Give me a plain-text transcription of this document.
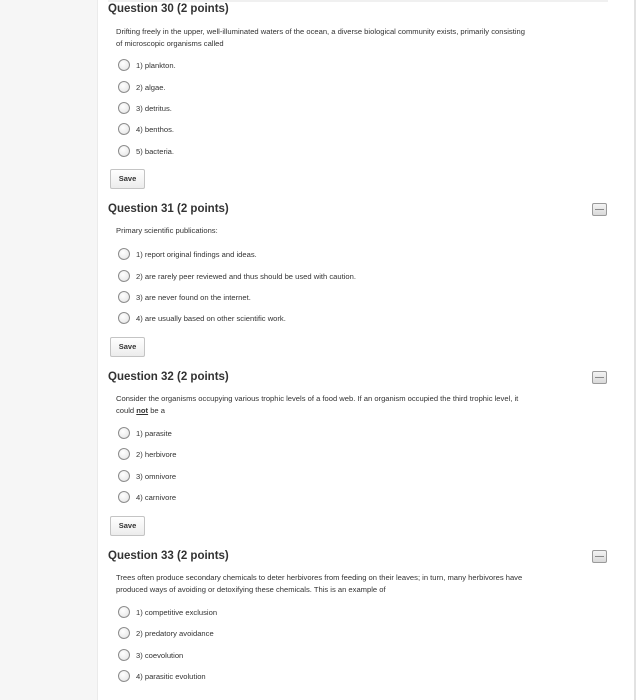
Question 30 (2 points)
Drifting freely in the upper, well-illuminated waters of the ocean, a diverse biological community exists, primarily consisting
of microscopic organisms called
1) plankton.
2) algae.
3) detritus.
4) benthos.
5) bacteria.
Save
Question 31 (2 points)
Primary scientific publications:
1) report original findings and ideas.
2) are rarely peer reviewed and thus should be used with caution.
3) are never found on the internet.
4) are usually based on other scientific work.
Save
Question 32 (2 points)
Consider the organisms occupying various trophic levels of a food web. If an organism occupied the third trophic level, it
could not be a
1) parasite
2) herbivore
3) omnivore
4) carnivore
Save
Question 33 (2 points)
Trees often produce secondary chemicals to deter herbivores from feeding on their leaves; in turn, many herbivores have
produced ways of avoiding or detoxifying these chemicals. This is an example of
1) competitive exclusion
2) predatory avoidance
3) coevolution
4) parasitic evolution
